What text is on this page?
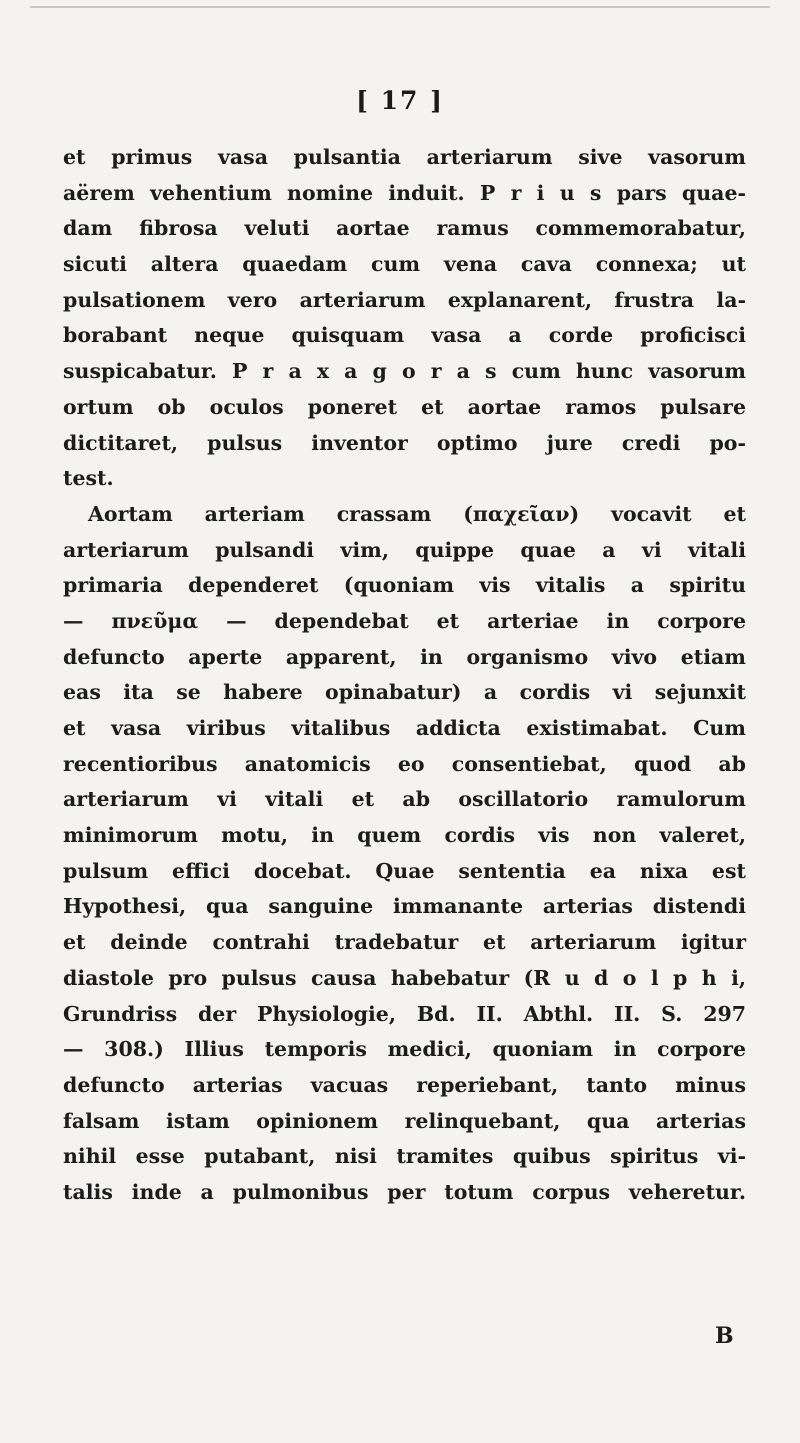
[ 17 ]
et primus vasa pulsantia arteriarum sive vasorum
aërem vehentium nomine induit. P r i u s pars quae-
dam fibrosa veluti aortae ramus commemorabatur,
sicuti altera quaedam cum vena cava connexa; ut
pulsationem vero arteriarum explanarent, frustra la-
borabant neque quisquam vasa a corde proficisci
suspicabatur. P r a x a g o r a s cum hunc vasorum
ortum ob oculos poneret et aortae ramos pulsare
dictitaret, pulsus inventor optimo jure credi po-
test.
Aortam arteriam crassam (παχεῖαν) vocavit et
arteriarum pulsandi vim, quippe quae a vi vitali
primaria dependeret (quoniam vis vitalis a spiritu
— πνεῦμα — dependebat et arteriae in corpore
defuncto aperte apparent, in organismo vivo etiam
eas ita se habere opinabatur) a cordis vi sejunxit
et vasa viribus vitalibus addicta existimabat. Cum
recentioribus anatomicis eo consentiebat, quod ab
arteriarum vi vitali et ab oscillatorio ramulorum
minimorum motu, in quem cordis vis non valeret,
pulsum effici docebat. Quae sententia ea nixa est
Hypothesi, qua sanguine immanante arterias distendi
et deinde contrahi tradebatur et arteriarum igitur
diastole pro pulsus causa habebatur (R u d o l p h i,
Grundriss der Physiologie, Bd. II. Abthl. II. S. 297
— 308.) Illius temporis medici, quoniam in corpore
defuncto arterias vacuas reperiebant, tanto minus
falsam istam opinionem relinquebant, qua arterias
nihil esse putabant, nisi tramites quibus spiritus vi-
talis inde a pulmonibus per totum corpus veheretur.
B
